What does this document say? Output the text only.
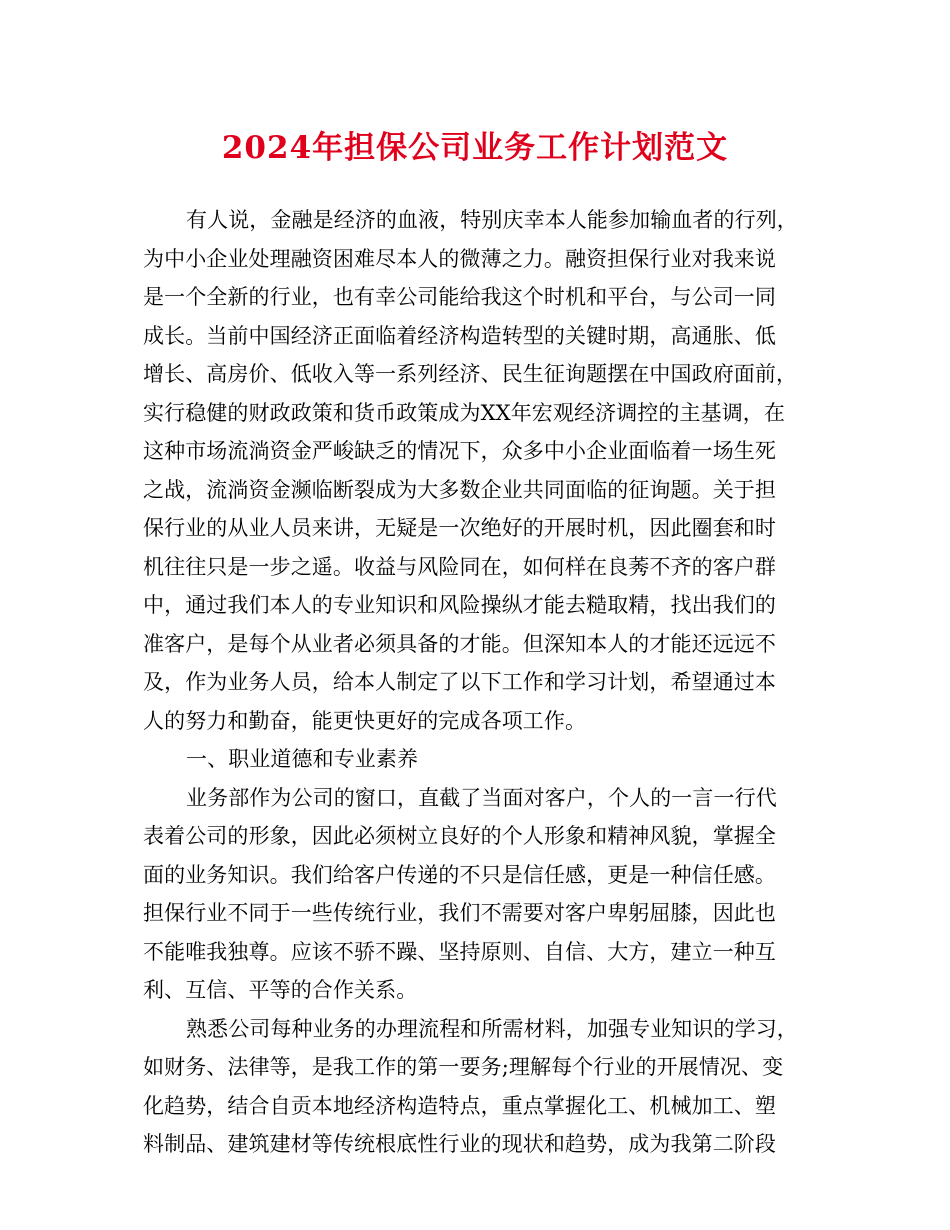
2024年担保公司业务工作计划范文
有人说，金融是经济的血液，特别庆幸本人能参加输血者的行列，
为中小企业处理融资困难尽本人的微薄之力。融资担保行业对我来说
是一个全新的行业，也有幸公司能给我这个时机和平台，与公司一同
成长。当前中国经济正面临着经济构造转型的关键时期，高通胀、低
增长、高房价、低收入等一系列经济、民生征询题摆在中国政府面前，
实行稳健的财政政策和货币政策成为XX年宏观经济调控的主基调，在
这种市场流淌资金严峻缺乏的情况下，众多中小企业面临着一场生死
之战，流淌资金濒临断裂成为大多数企业共同面临的征询题。关于担
保行业的从业人员来讲，无疑是一次绝好的开展时机，因此圈套和时
机往往只是一步之遥。收益与风险同在，如何样在良莠不齐的客户群
中，通过我们本人的专业知识和风险操纵才能去糙取精，找出我们的
准客户，是每个从业者必须具备的才能。但深知本人的才能还远远不
及，作为业务人员，给本人制定了以下工作和学习计划，希望通过本
人的努力和勤奋，能更快更好的完成各项工作。
一、职业道德和专业素养
业务部作为公司的窗口，直截了当面对客户，个人的一言一行代
表着公司的形象，因此必须树立良好的个人形象和精神风貌，掌握全
面的业务知识。我们给客户传递的不只是信任感，更是一种信任感。
担保行业不同于一些传统行业，我们不需要对客户卑躬屈膝，因此也
不能唯我独尊。应该不骄不躁、坚持原则、自信、大方，建立一种互
利、互信、平等的合作关系。
熟悉公司每种业务的办理流程和所需材料，加强专业知识的学习，
如财务、法律等，是我工作的第一要务;理解每个行业的开展情况、变
化趋势，结合自贡本地经济构造特点，重点掌握化工、机械加工、塑
料制品、建筑建材等传统根底性行业的现状和趋势，成为我第二阶段
